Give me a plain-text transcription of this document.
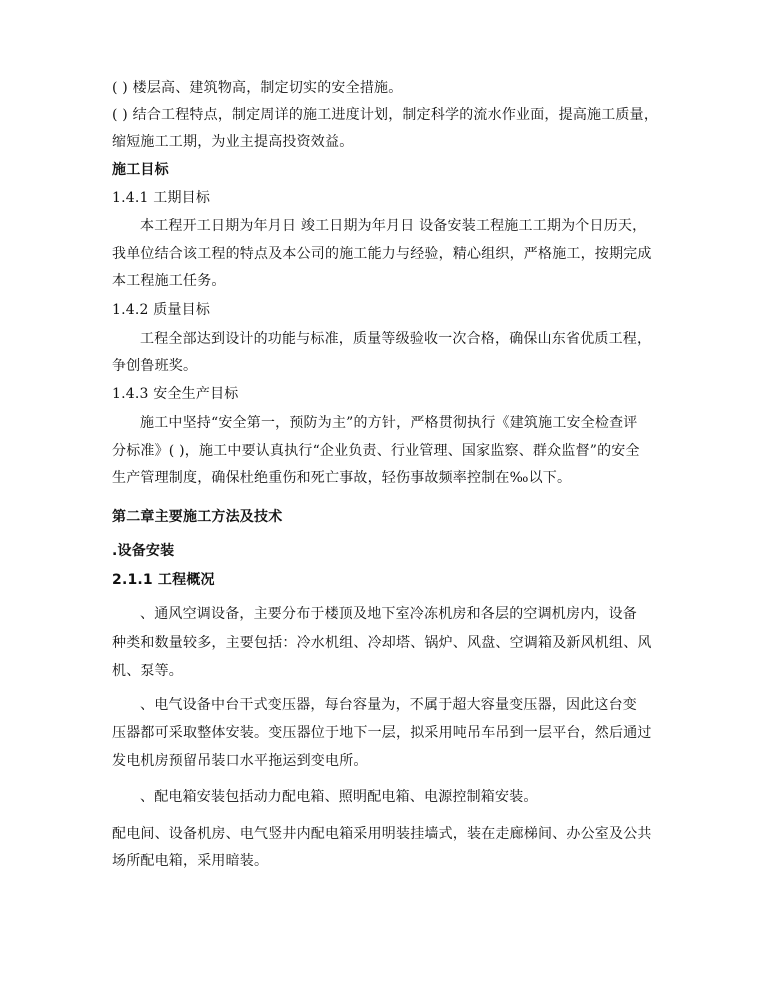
( ) 楼层高、建筑物高，制定切实的安全措施。
( ) 结合工程特点，制定周详的施工进度计划，制定科学的流水作业面，提高施工质量，
缩短施工工期，为业主提高投资效益。
施工目标
1.4.1 工期目标
本工程开工日期为年月日 竣工日期为年月日 设备安装工程施工工期为个日历天，
我单位结合该工程的特点及本公司的施工能力与经验，精心组织，严格施工，按期完成
本工程施工任务。
1.4.2 质量目标
工程全部达到设计的功能与标准，质量等级验收一次合格，确保山东省优质工程，
争创鲁班奖。
1.4.3 安全生产目标
施工中坚持“安全第一，预防为主”的方针，严格贯彻执行《建筑施工安全检查评
分标准》( )，施工中要认真执行“企业负责、行业管理、国家监察、群众监督”的安全
生产管理制度，确保杜绝重伤和死亡事故，轻伤事故频率控制在‰以下。
第二章主要施工方法及技术
.设备安装
2.1.1 工程概况
、通风空调设备，主要分布于楼顶及地下室冷冻机房和各层的空调机房内，设备
种类和数量较多，主要包括：冷水机组、冷却塔、锅炉、风盘、空调箱及新风机组、风
机、泵等。
、电气设备中台干式变压器，每台容量为，不属于超大容量变压器，因此这台变
压器都可采取整体安装。变压器位于地下一层，拟采用吨吊车吊到一层平台，然后通过
发电机房预留吊装口水平拖运到变电所。
、配电箱安装包括动力配电箱、照明配电箱、电源控制箱安装。
配电间、设备机房、电气竖井内配电箱采用明装挂墙式，装在走廊梯间、办公室及公共
场所配电箱，采用暗装。
